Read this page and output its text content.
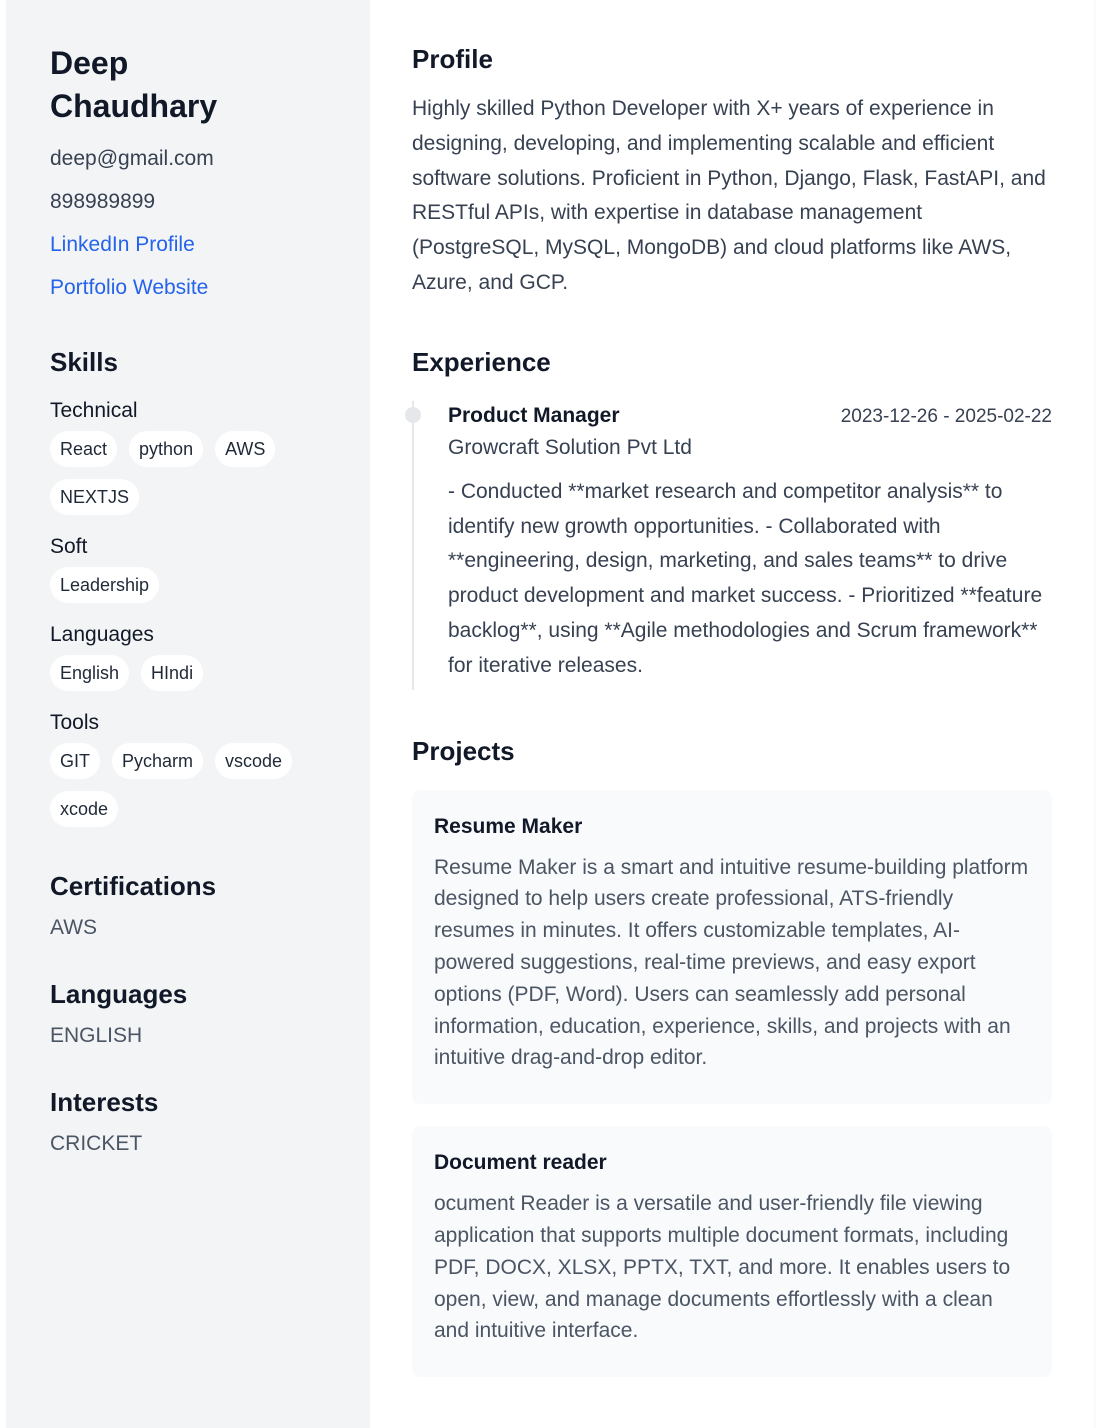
Deep Chaudhary
deep@gmail.com
898989899
LinkedIn Profile
Portfolio Website
Skills
Technical
React	python	AWS
NEXTJS
Soft
Leadership
Languages
English	HIndi
Tools
GIT	Pycharm	vscode
xcode
Certifications
AWS
Languages
ENGLISH
Interests
CRICKET
Profile
Highly skilled Python Developer with X+ years of experience in designing, developing, and implementing scalable and efficient software solutions. Proficient in Python, Django, Flask, FastAPI, and RESTful APIs, with expertise in database management (PostgreSQL, MySQL, MongoDB) and cloud platforms like AWS, Azure, and GCP.
Experience
Product Manager	2023-12-26 - 2025-02-22
Growcraft Solution Pvt Ltd
- Conducted **market research and competitor analysis** to identify new growth opportunities. - Collaborated with **engineering, design, marketing, and sales teams** to drive product development and market success. - Prioritized **feature backlog**, using **Agile methodologies and Scrum framework** for iterative releases.
Projects
Resume Maker
Resume Maker is a smart and intuitive resume-building platform designed to help users create professional, ATS-friendly resumes in minutes. It offers customizable templates, AI-powered suggestions, real-time previews, and easy export options (PDF, Word). Users can seamlessly add personal information, education, experience, skills, and projects with an intuitive drag-and-drop editor.
Document reader
ocument Reader is a versatile and user-friendly file viewing application that supports multiple document formats, including PDF, DOCX, XLSX, PPTX, TXT, and more. It enables users to open, view, and manage documents effortlessly with a clean and intuitive interface.
